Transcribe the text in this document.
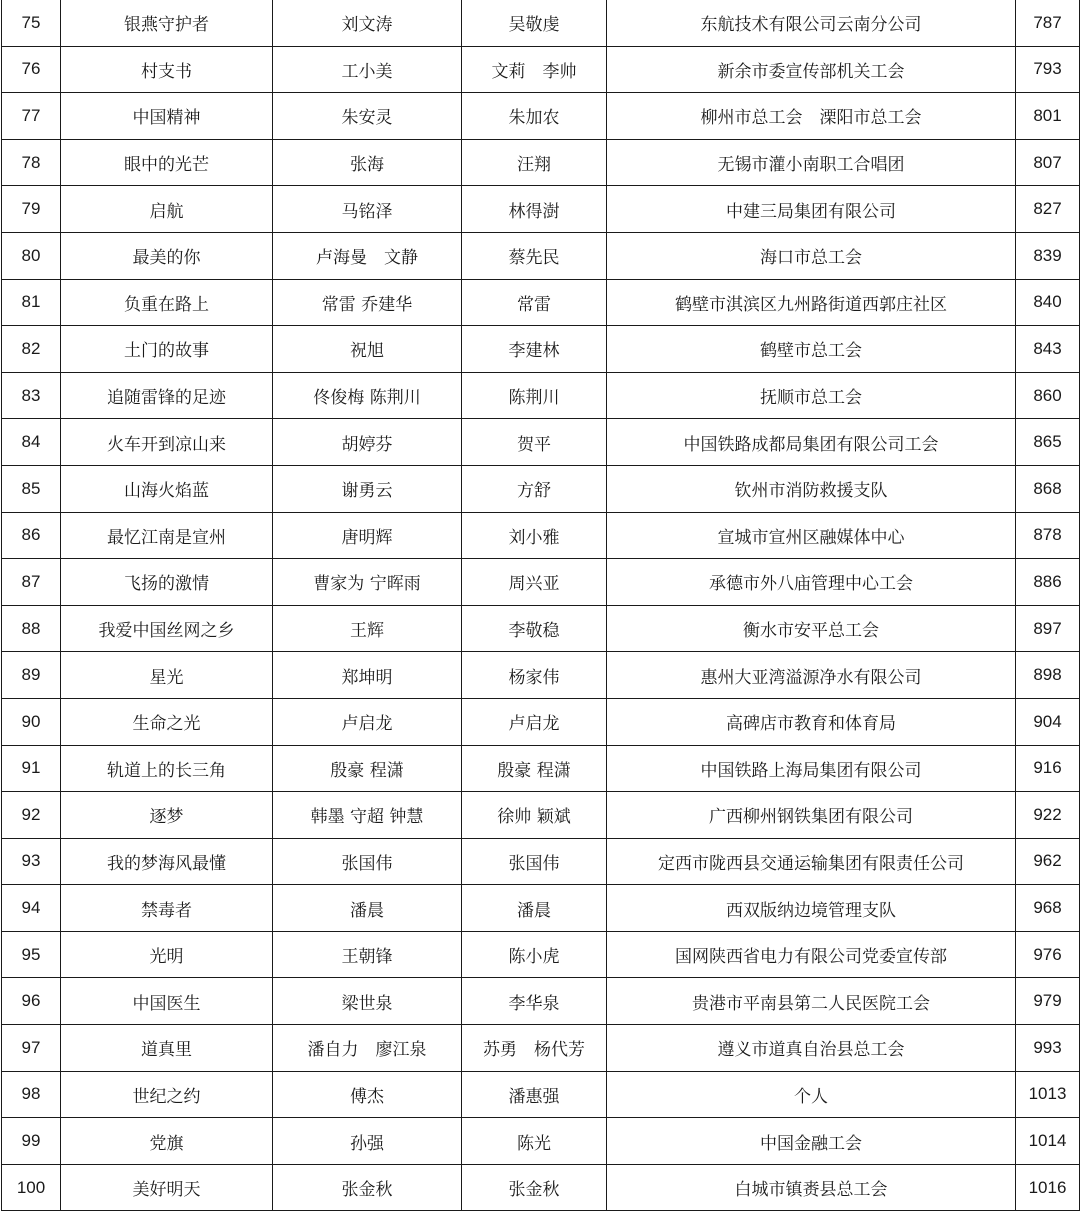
75	银燕守护者	刘文涛	吴敬虔	东航技术有限公司云南分公司	787
76	村支书	工小美	文莉　李帅	新余市委宣传部机关工会	793
77	中国精神	朱安灵	朱加农	柳州市总工会　溧阳市总工会	801
78	眼中的光芒	张海	汪翔	无锡市灌小南职工合唱团	807
79	启航	马铭泽	林得澍	中建三局集团有限公司	827
80	最美的你	卢海曼　文静	蔡先民	海口市总工会	839
81	负重在路上	常雷 乔建华	常雷	鹤壁市淇滨区九州路街道西郭庄社区	840
82	土门的故事	祝旭	李建林	鹤壁市总工会	843
83	追随雷锋的足迹	佟俊梅 陈荆川	陈荆川	抚顺市总工会	860
84	火车开到凉山来	胡婷芬	贺平	中国铁路成都局集团有限公司工会	865
85	山海火焰蓝	谢勇云	方舒	钦州市消防救援支队	868
86	最忆江南是宣州	唐明辉	刘小雅	宣城市宣州区融媒体中心	878
87	飞扬的激情	曹家为 宁晖雨	周兴亚	承德市外八庙管理中心工会	886
88	我爱中国丝网之乡	王辉	李敬稳	衡水市安平总工会	897
89	星光	郑坤明	杨家伟	惠州大亚湾溢源净水有限公司	898
90	生命之光	卢启龙	卢启龙	高碑店市教育和体育局	904
91	轨道上的长三角	殷豪 程潇	殷豪 程潇	中国铁路上海局集团有限公司	916
92	逐梦	韩墨 守超 钟慧	徐帅 颖斌	广西柳州钢铁集团有限公司	922
93	我的梦海风最懂	张国伟	张国伟	定西市陇西县交通运输集团有限责任公司	962
94	禁毒者	潘晨	潘晨	西双版纳边境管理支队	968
95	光明	王朝锋	陈小虎	国网陕西省电力有限公司党委宣传部	976
96	中国医生	梁世泉	李华泉	贵港市平南县第二人民医院工会	979
97	道真里	潘自力　廖江泉	苏勇　杨代芳	遵义市道真自治县总工会	993
98	世纪之约	傅杰	潘惠强	个人	1013
99	党旗	孙强	陈光	中国金融工会	1014
100	美好明天	张金秋	张金秋	白城市镇赉县总工会	1016
